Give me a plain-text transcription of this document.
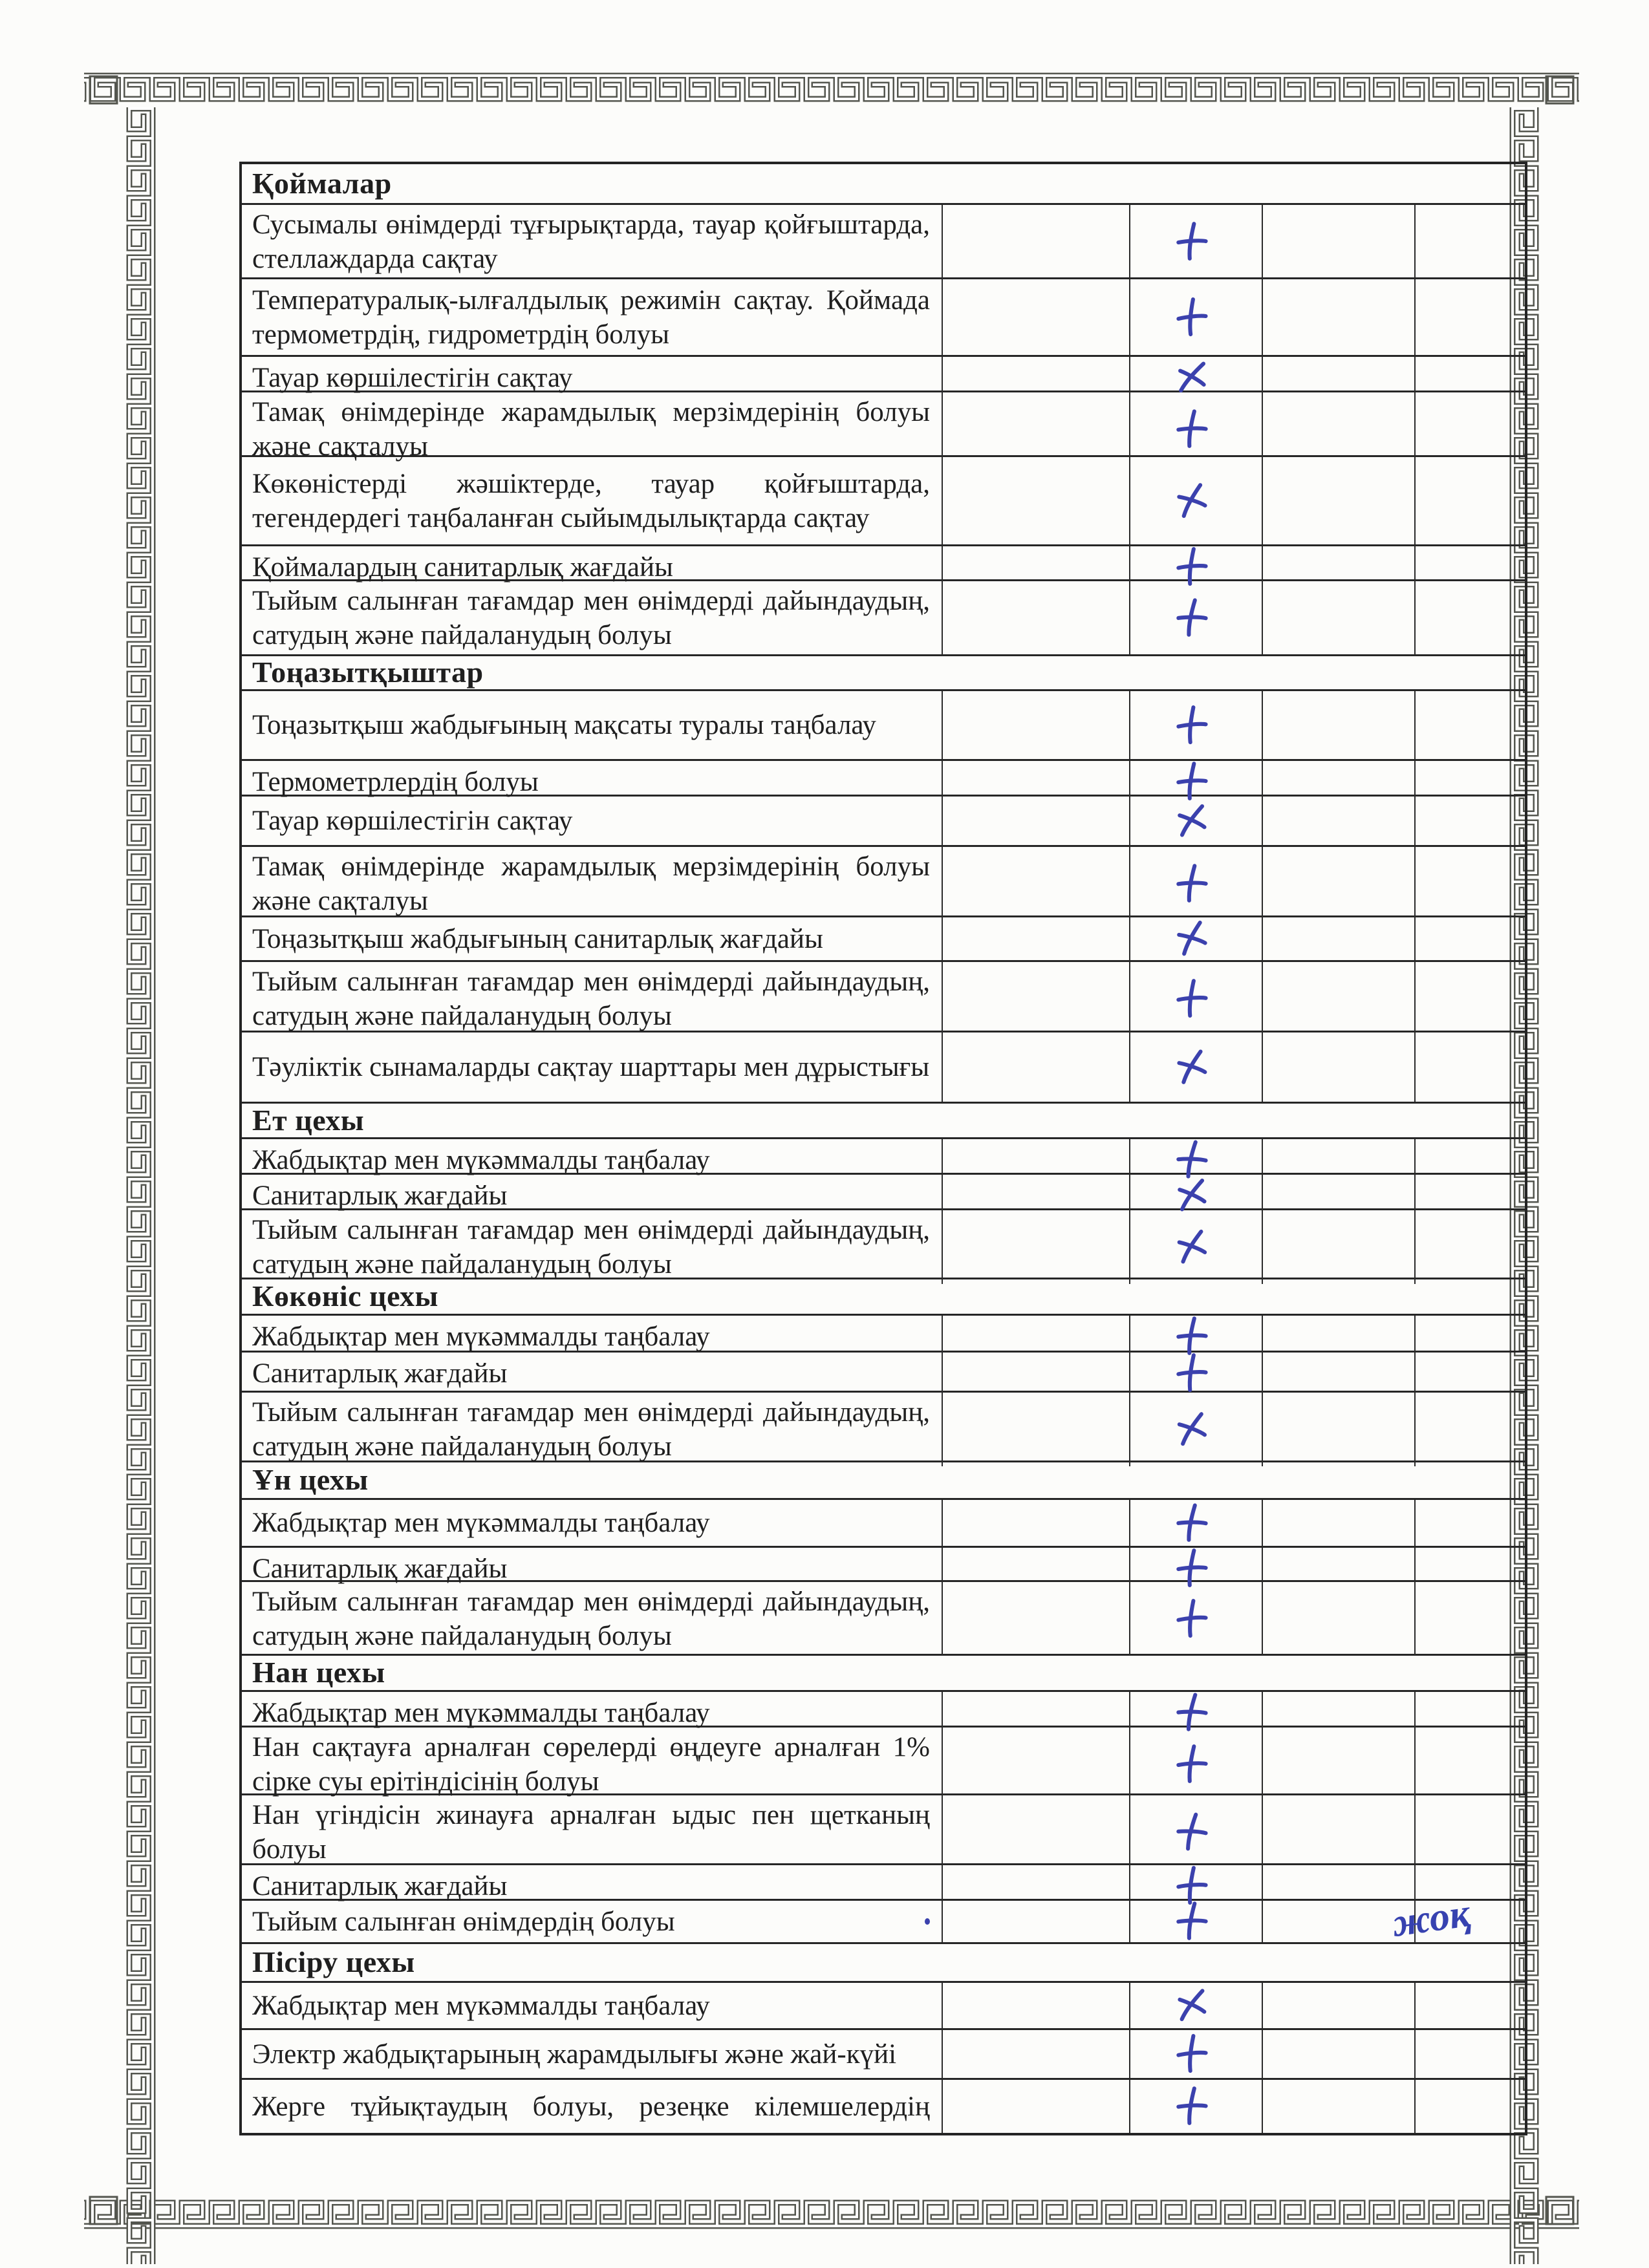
Қоймалар
Сусымалы өнімдерді тұғырықтарда, тауар қойғыштарда, стеллаждарда сақтау
Температуралық-ылғалдылық режимін сақтау. Қоймада термометрдің, гидрометрдің болуы
Тауар көршілестігін сақтау
Тамақ өнімдерінде жарамдылық мерзімдерінің болуы және сақталуы
Көкөністерді жәшіктерде, тауар қойғыштарда, тегендердегі таңбаланған сыйымдылықтарда сақтау
Қоймалардың санитарлық жағдайы
Тыйым салынған тағамдар мен өнімдерді дайындаудың, сатудың және пайдаланудың болуы
Тоңазытқыштар
Тоңазытқыш жабдығының мақсаты туралы таңбалау
Термометрлердің болуы
Тауар көршілестігін сақтау
Тамақ өнімдерінде жарамдылық мерзімдерінің болуы және сақталуы
Тоңазытқыш жабдығының санитарлық жағдайы
Тыйым салынған тағамдар мен өнімдерді дайындаудың, сатудың және пайдаланудың болуы
Тәуліктік сынамаларды сақтау шарттары мен дұрыстығы
Ет цехы
Жабдықтар мен мүкәммалды таңбалау
Санитарлық жағдайы
Тыйым салынған тағамдар мен өнімдерді дайындаудың, сатудың және пайдаланудың болуы
Көкөніс цехы
Жабдықтар мен мүкәммалды таңбалау
Санитарлық жағдайы
Тыйым салынған тағамдар мен өнімдерді дайындаудың, сатудың және пайдаланудың болуы
Ұн цехы
Жабдықтар мен мүкәммалды таңбалау
Санитарлық жағдайы
Тыйым салынған тағамдар мен өнімдерді дайындаудың, сатудың және пайдаланудың болуы
Нан цехы
Жабдықтар мен мүкәммалды таңбалау
Нан сақтауға арналған сөрелерді өңдеуге арналған 1% сірке суы ерітіндісінің болуы
Нан үгіндісін жинауға арналған ыдыс пен щетканың болуы
Санитарлық жағдайы
Тыйым салынған өнімдердің болуы	жоқ
Пісіру цехы
Жабдықтар мен мүкәммалды таңбалау
Электр жабдықтарының жарамдылығы және жай-күйі
Жерге тұйықтаудың болуы, резеңке кілемшелердің
